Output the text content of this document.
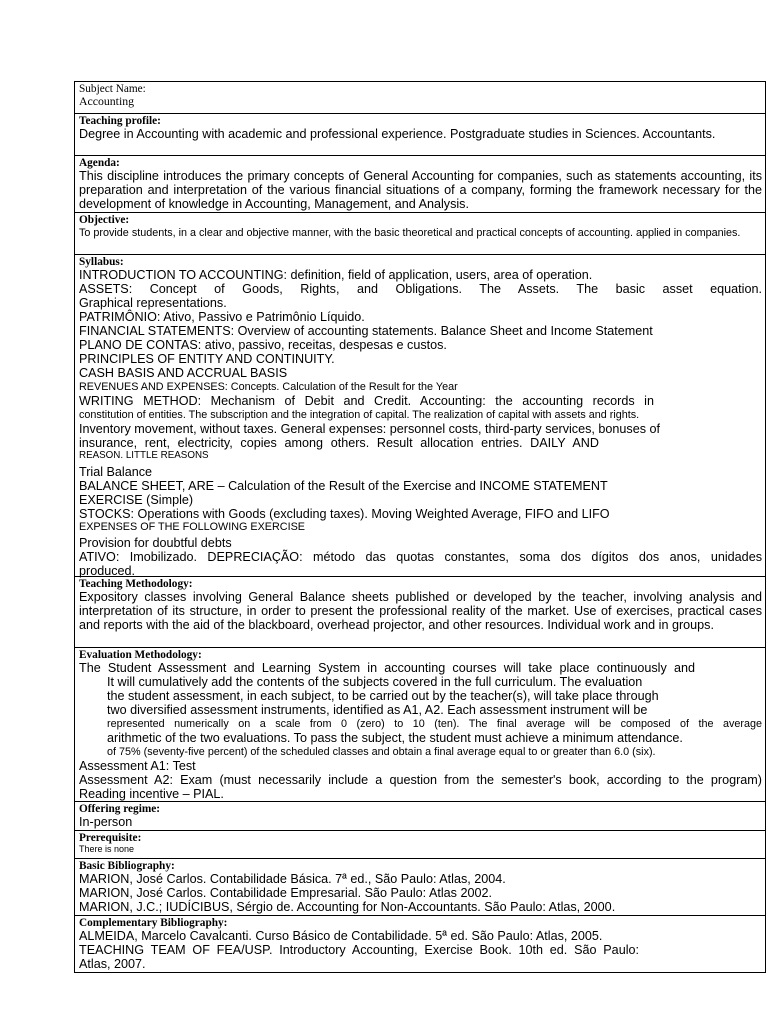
Subject Name:
Accounting
Teaching profile:
Degree in Accounting with academic and professional experience. Postgraduate studies in Sciences. Accountants.
Agenda:
This discipline introduces the primary concepts of General Accounting for companies, such as statements accounting, its preparation and interpretation of the various financial situations of a company, forming the framework necessary for the development of knowledge in Accounting, Management, and Analysis.
Objective:
To provide students, in a clear and objective manner, with the basic theoretical and practical concepts of accounting. applied in companies.
Syllabus:
INTRODUCTION TO ACCOUNTING: definition, field of application, users, area of operation.
ASSETS: Concept of Goods, Rights, and Obligations. The Assets. The basic asset equation.
Graphical representations.
PATRIMÔNIO: Ativo, Passivo e Patrimônio Líquido.
FINANCIAL STATEMENTS: Overview of accounting statements. Balance Sheet and Income Statement
PLANO DE CONTAS: ativo, passivo, receitas, despesas e custos.
PRINCIPLES OF ENTITY AND CONTINUITY.
CASH BASIS AND ACCRUAL BASIS
REVENUES AND EXPENSES: Concepts. Calculation of the Result for the Year
WRITING METHOD: Mechanism of Debit and Credit. Accounting: the accounting records in
constitution of entities. The subscription and the integration of capital. The realization of capital with assets and rights.
Inventory movement, without taxes. General expenses: personnel costs, third-party services, bonuses of
insurance, rent, electricity, copies among others. Result allocation entries. DAILY AND
REASON. LITTLE REASONS
Trial Balance
BALANCE SHEET, ARE – Calculation of the Result of the Exercise and INCOME STATEMENT
EXERCISE (Simple)
STOCKS: Operations with Goods (excluding taxes). Moving Weighted Average, FIFO and LIFO
EXPENSES OF THE FOLLOWING EXERCISE
Provision for doubtful debts
ATIVO: Imobilizado. DEPRECIAÇÃO: método das quotas constantes, soma dos dígitos dos anos, unidades
produced.
Teaching Methodology:
Expository classes involving General Balance sheets published or developed by the teacher, involving analysis and interpretation of its structure, in order to present the professional reality of the market. Use of exercises, practical cases and reports with the aid of the blackboard, overhead projector, and other resources. Individual work and in groups.
Evaluation Methodology:
The Student Assessment and Learning System in accounting courses will take place continuously and
It will cumulatively add the contents of the subjects covered in the full curriculum. The evaluation
the student assessment, in each subject, to be carried out by the teacher(s), will take place through
two diversified assessment instruments, identified as A1, A2. Each assessment instrument will be
represented numerically on a scale from 0 (zero) to 10 (ten). The final average will be composed of the average
arithmetic of the two evaluations. To pass the subject, the student must achieve a minimum attendance.
of 75% (seventy-five percent) of the scheduled classes and obtain a final average equal to or greater than 6.0 (six).
Assessment A1: Test
Assessment A2: Exam (must necessarily include a question from the semester's book, according to the program)
Reading incentive – PIAL.
Offering regime:
In-person
Prerequisite:
There is none
Basic Bibliography:
MARION, José Carlos. Contabilidade Básica. 7ª ed., São Paulo: Atlas, 2004.
MARION, José Carlos. Contabilidade Empresarial. São Paulo: Atlas 2002.
MARION, J.C.; IUDÍCIBUS, Sérgio de. Accounting for Non-Accountants. São Paulo: Atlas, 2000.
Complementary Bibliography:
ALMEIDA, Marcelo Cavalcanti. Curso Básico de Contabilidade. 5ª ed. São Paulo: Atlas, 2005.
TEACHING TEAM OF FEA/USP. Introductory Accounting, Exercise Book. 10th ed. São Paulo:
Atlas, 2007.
